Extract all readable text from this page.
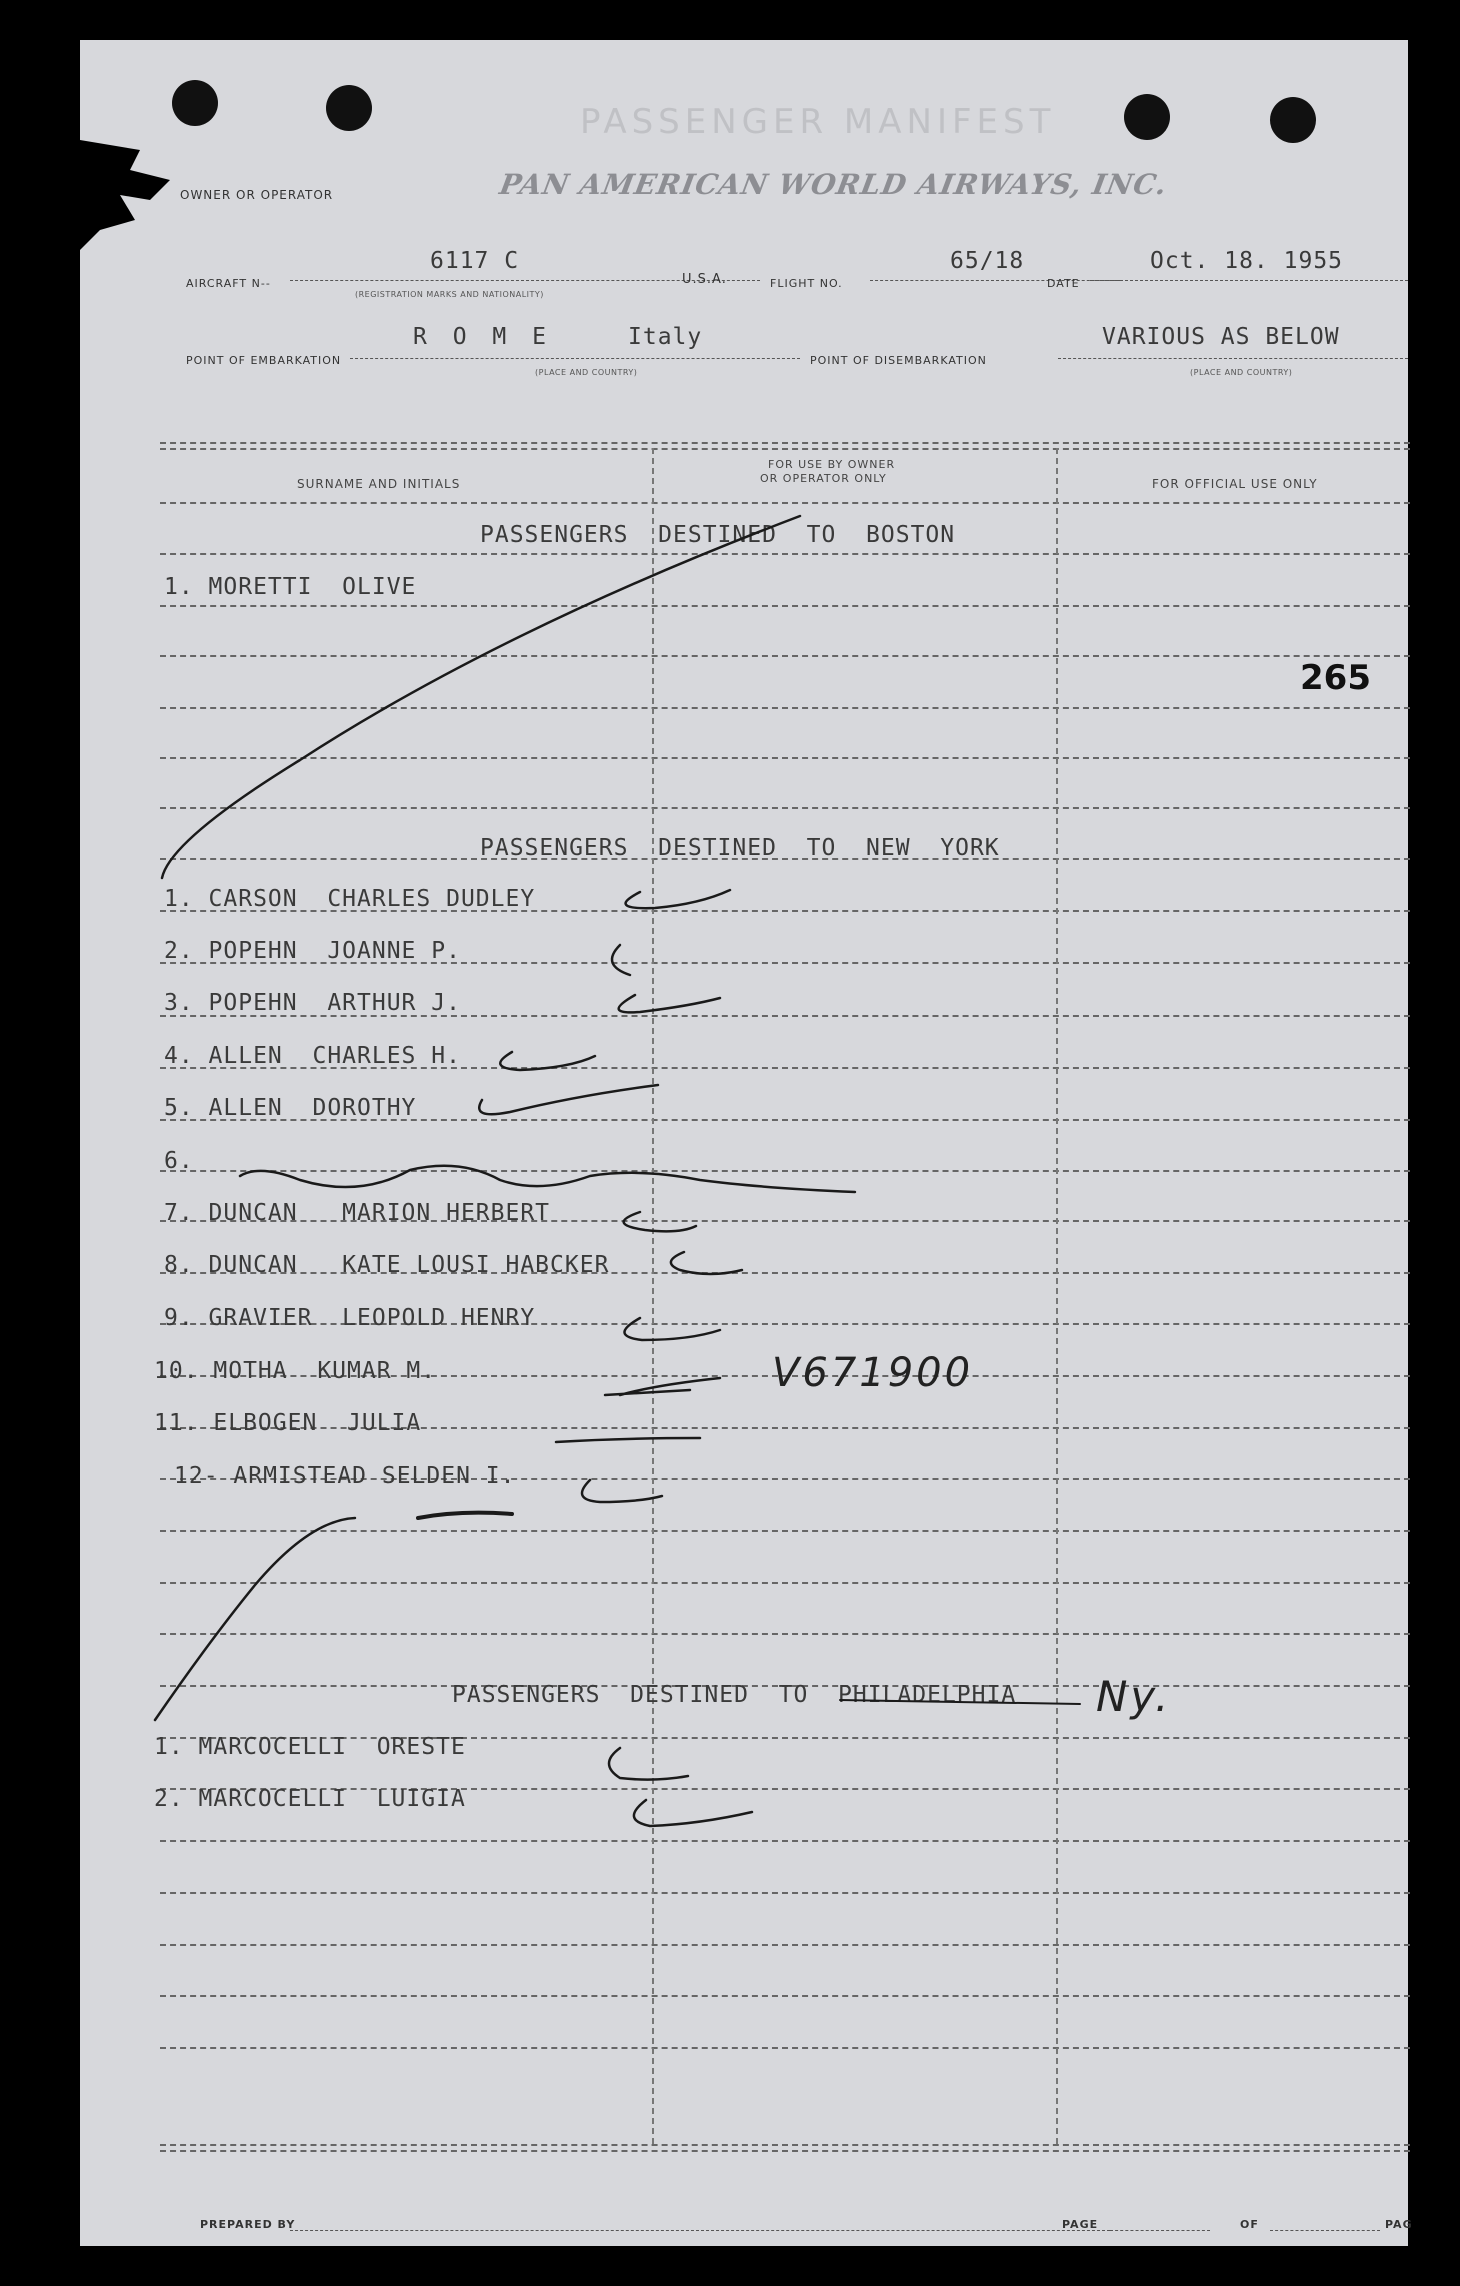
OWNER OR OPERATOR
PASSENGER MANIFEST
PAN AMERICAN WORLD AIRWAYS, INC.
AIRCRAFT N--
6117 C
(REGISTRATION MARKS AND NATIONALITY)
U.S.A.	FLIGHT NO.
65/18
DATE
Oct. 18. 1955
POINT OF EMBARKATION
R O M E	Italy
(PLACE AND COUNTRY)
POINT OF DISEMBARKATION
VARIOUS AS BELOW
(PLACE AND COUNTRY)
SURNAME AND INITIALS
FOR USE BY OWNER
OR OPERATOR ONLY	FOR OFFICIAL USE ONLY
PASSENGERS  DESTINED  TO  BOSTON
1. MORETTI  OLIVE
PASSENGERS  DESTINED  TO  NEW  YORK
1. CARSON  CHARLES DUDLEY
2. POPEHN  JOANNE P.
3. POPEHN  ARTHUR J.
4. ALLEN  CHARLES H.
5. ALLEN  DOROTHY
6.
7. DUNCAN   MARION HERBERT
8. DUNCAN   KATE LOUSI HABCKER
9. GRAVIER  LEOPOLD HENRY
10. MOTHA  KUMAR M.
11. ELBOGEN  JULIA
12- ARMISTEAD SELDEN I.
PASSENGERS  DESTINED  TO  PHILADELPHIA
1. MARCOCELLI  ORESTE
2. MARCOCELLI  LUIGIA
265
V671900
Ny.
PREPARED BY	PAGE	OF	PAG
